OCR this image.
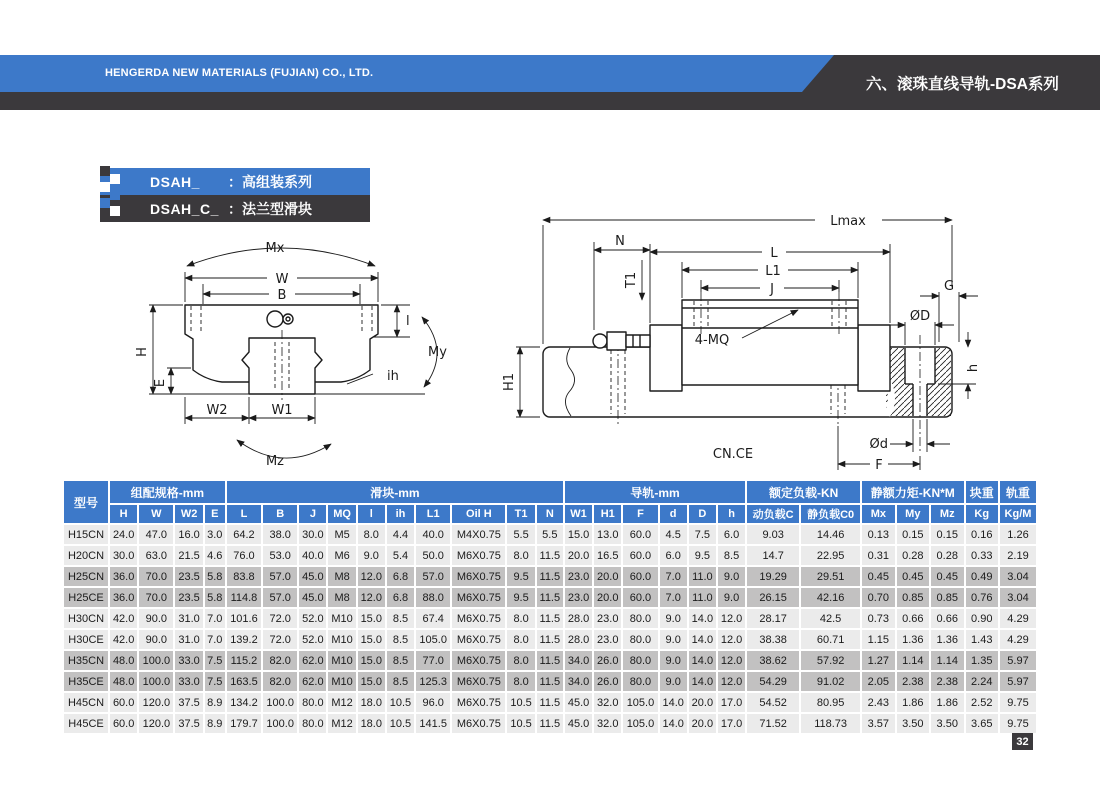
HENGERDA NEW MATERIALS (FUJIAN) CO., LTD.
六、滚珠直线导轨-DSA系列
DSAH_	：高组装系列
DSAH_C_ ：法兰型滑块
Mx
W
B
H
E
W2	W1
l
ih
My
Mz
Lmax
N
L
L1
J
T1	G
ØD
4-MQ
H1
h
Ød
F
CN.CE
型号	组配规格-mm				滑块-mm										导轨-mm						额定负载-KN		静额力矩-KN*M			块重	轨重
	H	W	W2	E	L	B	J	MQ	l	ih	L1	Oil H	T1	N	W1	H1	F	d	D	h	动负载C	静负载C0	Mx	My	Mz	Kg	Kg/M
H15CN	24.0	47.0	16.0	3.0	64.2	38.0	30.0	M5	8.0	4.4	40.0	M4X0.75	5.5	5.5	15.0	13.0	60.0	4.5	7.5	6.0	9.03	14.46	0.13	0.15	0.15	0.16	1.26
H20CN	30.0	63.0	21.5	4.6	76.0	53.0	40.0	M6	9.0	5.4	50.0	M6X0.75	8.0	11.5	20.0	16.5	60.0	6.0	9.5	8.5	14.7	22.95	0.31	0.28	0.28	0.33	2.19
H25CN	36.0	70.0	23.5	5.8	83.8	57.0	45.0	M8	12.0	6.8	57.0	M6X0.75	9.5	11.5	23.0	20.0	60.0	7.0	11.0	9.0	19.29	29.51	0.45	0.45	0.45	0.49	3.04
H25CE	36.0	70.0	23.5	5.8	114.8	57.0	45.0	M8	12.0	6.8	88.0	M6X0.75	9.5	11.5	23.0	20.0	60.0	7.0	11.0	9.0	26.15	42.16	0.70	0.85	0.85	0.76	3.04
H30CN	42.0	90.0	31.0	7.0	101.6	72.0	52.0	M10	15.0	8.5	67.4	M6X0.75	8.0	11.5	28.0	23.0	80.0	9.0	14.0	12.0	28.17	42.5	0.73	0.66	0.66	0.90	4.29
H30CE	42.0	90.0	31.0	7.0	139.2	72.0	52.0	M10	15.0	8.5	105.0	M6X0.75	8.0	11.5	28.0	23.0	80.0	9.0	14.0	12.0	38.38	60.71	1.15	1.36	1.36	1.43	4.29
H35CN	48.0	100.0	33.0	7.5	115.2	82.0	62.0	M10	15.0	8.5	77.0	M6X0.75	8.0	11.5	34.0	26.0	80.0	9.0	14.0	12.0	38.62	57.92	1.27	1.14	1.14	1.35	5.97
H35CE	48.0	100.0	33.0	7.5	163.5	82.0	62.0	M10	15.0	8.5	125.3	M6X0.75	8.0	11.5	34.0	26.0	80.0	9.0	14.0	12.0	54.29	91.02	2.05	2.38	2.38	2.24	5.97
H45CN	60.0	120.0	37.5	8.9	134.2	100.0	80.0	M12	18.0	10.5	96.0	M6X0.75	10.5	11.5	45.0	32.0	105.0	14.0	20.0	17.0	54.52	80.95	2.43	1.86	1.86	2.52	9.75
H45CE	60.0	120.0	37.5	8.9	179.7	100.0	80.0	M12	18.0	10.5	141.5	M6X0.75	10.5	11.5	45.0	32.0	105.0	14.0	20.0	17.0	71.52	118.73	3.57	3.50	3.50	3.65	9.75
32
